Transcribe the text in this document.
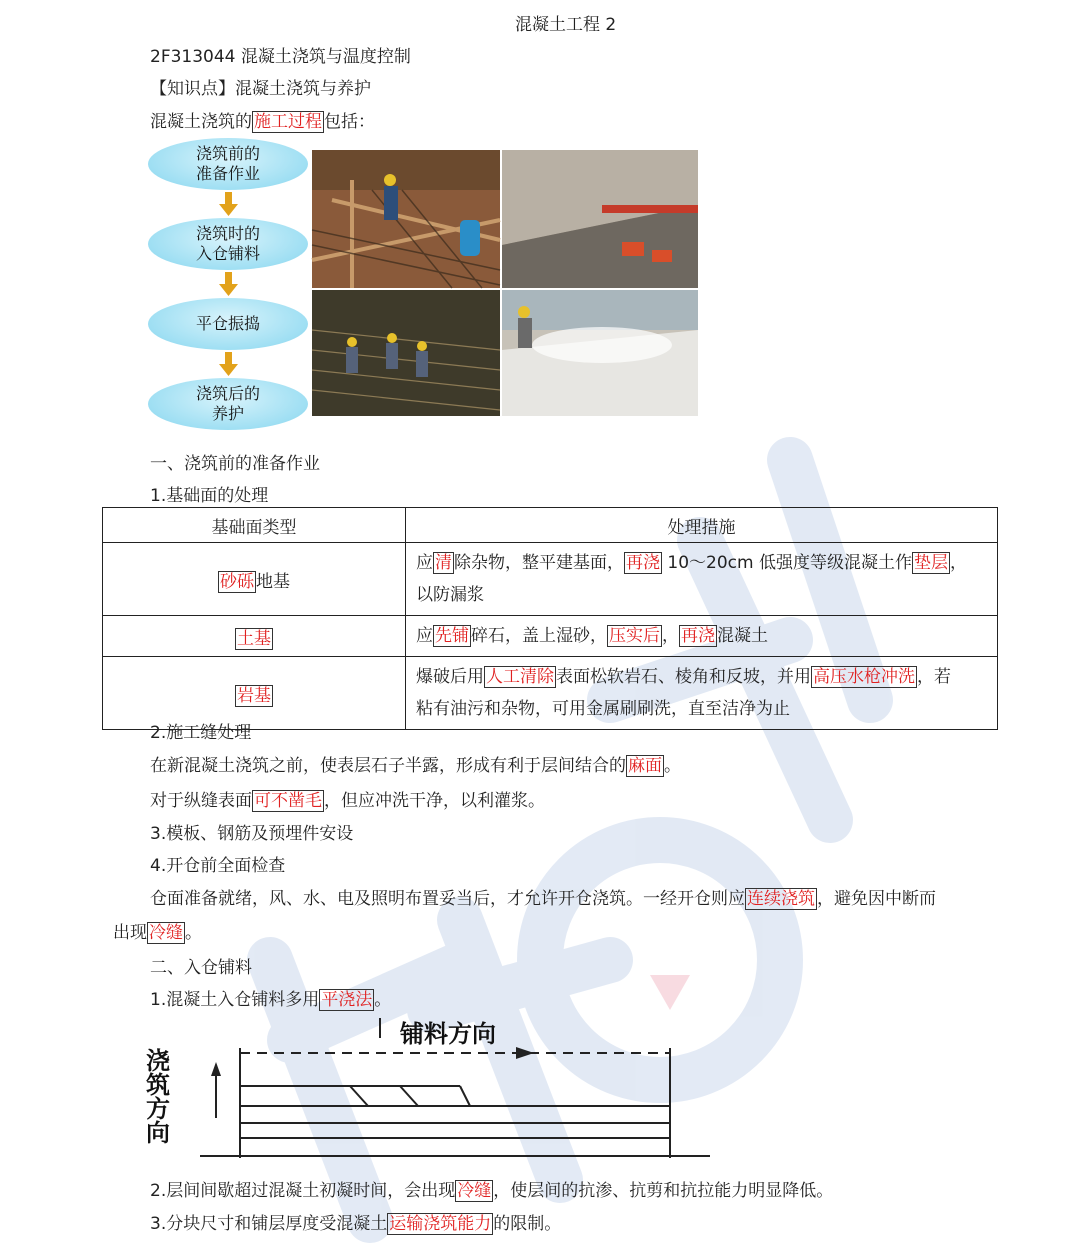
混凝土工程 2
2F313044 混凝土浇筑与温度控制
【知识点】混凝土浇筑与养护
混凝土浇筑的 施工过程 包括：
浇筑前的
准备作业
浇筑时的
入仓铺料
平仓振捣
浇筑后的
养护
一、浇筑前的准备作业
1.基础面的处理
基础面类型	处理措施
砂砾 地基	应 清 除杂物，整平建基面， 再浇 10～20cm 低强度等级混凝土作 垫层 ，
以防漏浆
土基	应 先铺 碎石，盖上湿砂， 压实后 ， 再浇 混凝土
岩基	爆破后用 人工清除 表面松软岩石、棱角和反坡，并用 高压水枪冲洗 ，若
粘有油污和杂物，可用金属刷刷洗，直至洁净为止
2.施工缝处理
在新混凝土浇筑之前，使表层石子半露，形成有利于层间结合的 麻面 。
对于纵缝表面 可不凿毛 ，但应冲洗干净，以利灌浆。
3.模板、钢筋及预埋件安设
4.开仓前全面检查
仓面准备就绪，风、水、电及照明布置妥当后，才允许开仓浇筑。一经开仓则应 连续浇筑 ，避免因中断而
出现 冷缝 。
二、入仓铺料
1.混凝土入仓铺料多用 平浇法 。
铺料方向
浇筑方向
2.层间间歇超过混凝土初凝时间，会出现 冷缝 ，使层间的抗渗、抗剪和抗拉能力明显降低。
3.分块尺寸和铺层厚度受混凝土 运输浇筑能力 的限制。
